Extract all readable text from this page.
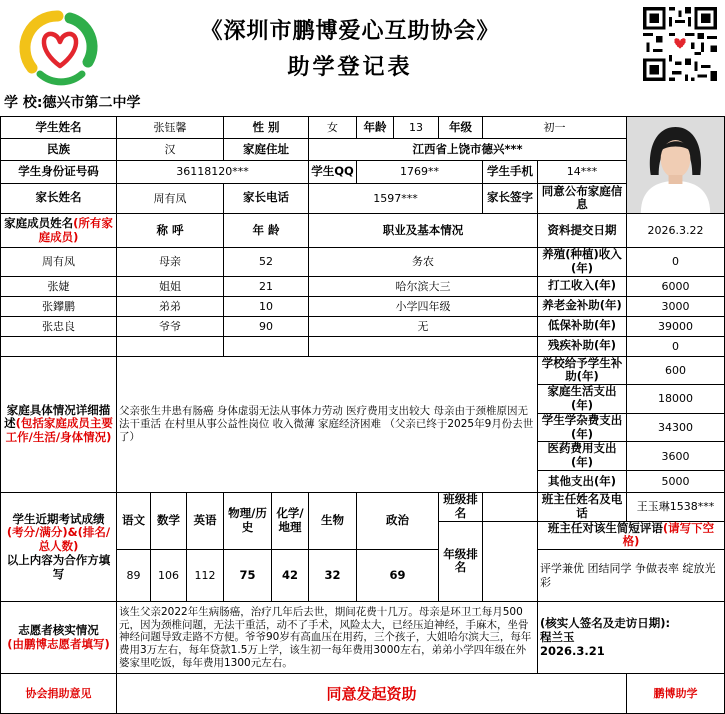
《深圳市鹏博爱心互助协会》
助学登记表
学 校:德兴市第二中学
学生姓名	张钰馨			性 别		女	年龄	13	年级	初一	

民族	汉			家庭住址		江西省上饶市德兴***						
学生身份证号码	36118120***					学生QQ	1769**			学生手机	14***	
家长姓名	周有凤			家长电话		1597***				家长签字	同意公布家庭信息	
家庭成员姓名(所有家庭成员)	称 呼			年 龄		职业及基本情况					资料提交日期	2026.3.22
周有凤	母亲			52		务农					养殖(种植)收入(年)	0
张婕	姐姐			21		哈尔滨大三					打工收入(年)	6000
张鑻鹏	弟弟			10		小学四年级					养老金补助(年)	3000
张忠良	爷爷			90		无					低保补助(年)	39000
											残疾补助(年)	0
家庭具体情况详细描述(包括家庭成员主要工作/生活/身体情况)	父亲张生井患有肠癌 身体虚弱无法从事体力劳动 医疗费用支出较大 母亲由于颈椎原因无法干重活 在村里从事公益性岗位 收入微薄 家庭经济困难 （父亲已终于2025年9月份去世了）										学校给予学生补助(年)	600
											家庭生活支出(年)	18000
											学生学杂费支出(年)	34300
											医药费用支出(年)	3600
											其他支出(年)	5000
学生近期考试成绩
(考分/满分)&(排名/总人数)
以上内容为合作方填写	语文	数学	英语	物理/历史	化学/地理	生物	政治		班级排名		班主任姓名及电话	王玉琳1538***
									年级排名		班主任对该生简短评语(请写下空格)	
	89	106	112	75	42	32	69				评学兼优 团结同学 争做表率 绽放光彩	
志愿者核实情况
(由鹏博志愿者填写)	该生父亲2022年生病肠癌，治疗几年后去世，期间花费十几万。母亲是环卫工每月500元，因为颈椎问题，无法干重活，动不了手术，风险太大，已经压迫神经，手麻木，坐骨神经问题导致走路不方便。爷爷90岁有高血压在用药，三个孩子，大姐哈尔滨大三，每年费用3万左右，每年贷款1.5万上学，该生初一每年费用3000左右，弟弟小学四年级在外婆家里吃饭，每年费用1300元左右。										(核实人签名及走访日期):
程兰玉
2026.3.21	
协会捐助意见	同意发起资助											鹏博助学
